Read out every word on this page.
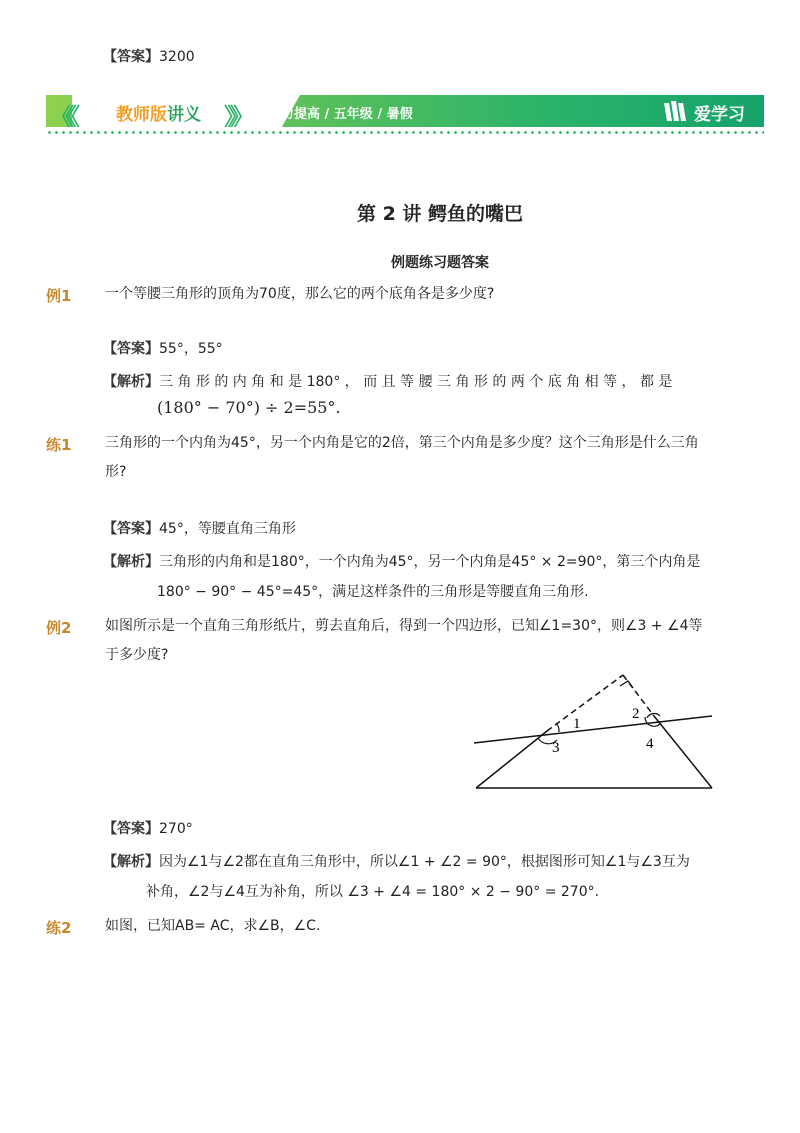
【答案】3200
《《 教师版讲义 》》 能力提高 / 五年级 / 暑假	爱学习
第 2 讲 鳄鱼的嘴巴
例题练习题答案
例1	一个等腰三角形的顶角为70度，那么它的两个底角各是多少度?
【答案】55°，55°
【解析】三 角 形 的 内 角 和 是 180° ， 而 且 等 腰 三 角 形 的 两 个 底 角 相 等 ， 都 是
(180° − 70°) ÷ 2=55°.
练1	三角形的一个内角为45°，另一个内角是它的2倍，第三个内角是多少度？这个三角形是什么三角
形?
【答案】45°，等腰直角三角形
【解析】三角形的内角和是180°，一个内角为45°，另一个内角是45° × 2=90°，第三个内角是
180° − 90° − 45°=45°，满足这样条件的三角形是等腰直角三角形.
例2	如图所示是一个直角三角形纸片，剪去直角后，得到一个四边形，已知∠1=30°，则∠3 + ∠4等
于多少度?
1
2
3	4
【答案】270°
【解析】因为∠1与∠2都在直角三角形中，所以∠1 + ∠2 = 90°，根据图形可知∠1与∠3互为
补角，∠2与∠4互为补角，所以 ∠3 + ∠4 = 180° × 2 − 90° = 270°.
练2	如图，已知AB= AC，求∠B，∠C.
